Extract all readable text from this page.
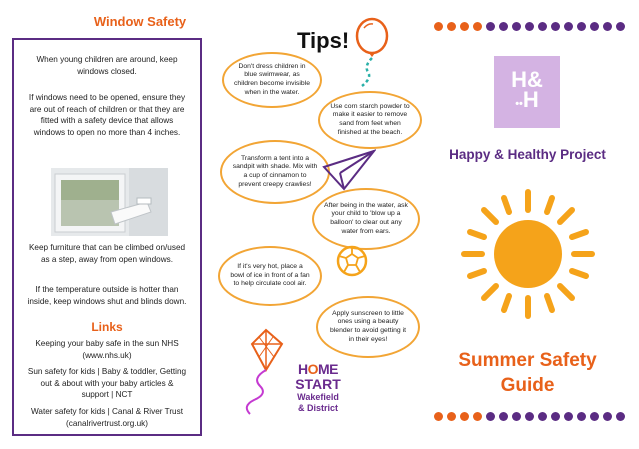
Window Safety
When young children are around, keep windows closed.
If windows need to be opened, ensure they are out of reach of children or that they are fitted with a safety device that allows windows to open no more than 4 inches.
Keep furniture that can be climbed on/used as a step, away from open windows.
If the temperature outside is hotter than inside, keep windows shut and blinds down.
Links
Keeping your baby safe in the sun NHS (www.nhs.uk)
Sun safety for kids | Baby & toddler, Getting out & about with your baby articles & support | NCT
Water safety for kids | Canal & River Trust (canalrivertrust.org.uk)
Tips!
Don't dress children in blue swimwear, as children become invisible when in the water.
Use corn starch powder to make it easier to remove sand from feet when finished at the beach.
Transform a tent into a sandpit with shade. Mix with a cup of cinnamon to prevent creepy crawlies!
After being in the water, ask your child to 'blow up a balloon' to clear out any water from ears.
If it's very hot, place a bowl of ice in front of a fan to help circulate cool air.
Apply sunscreen to little ones using a beauty blender to avoid getting it in their eyes!
HOME
START
Wakefield
& District
H&
••H
Happy & Healthy Project
Summer Safety
Guide
